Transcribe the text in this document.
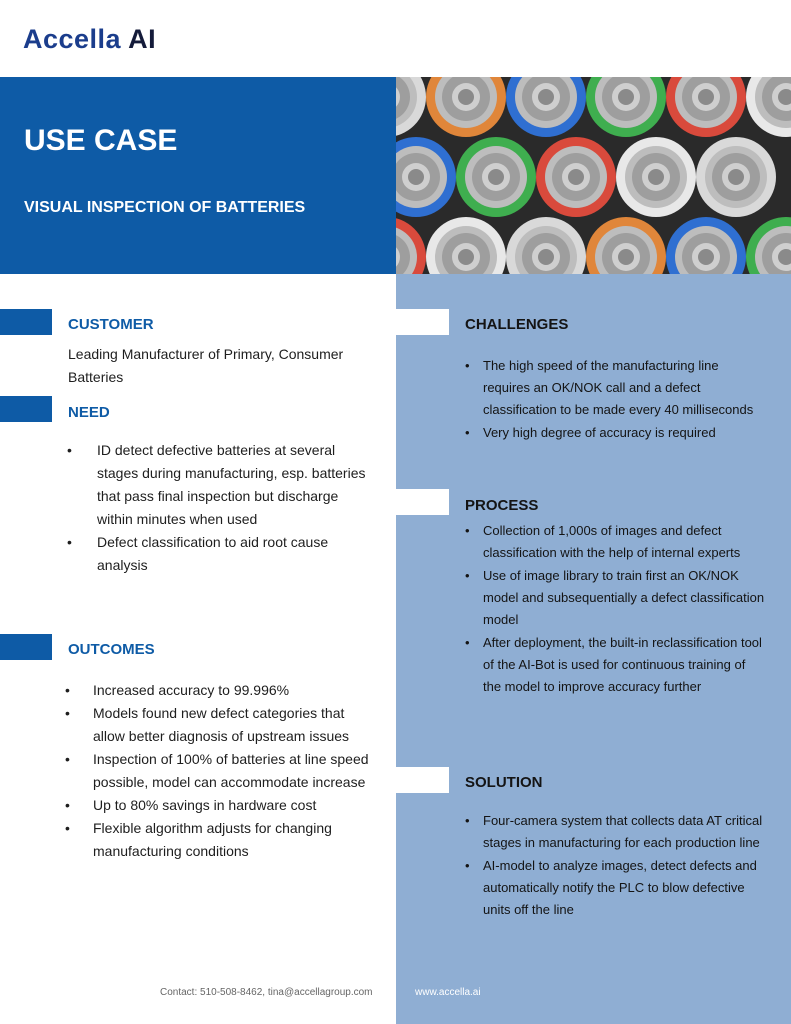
Accella AI
USE CASE
VISUAL INSPECTION OF BATTERIES
CUSTOMER
Leading Manufacturer of Primary, Consumer Batteries
NEED
• ID detect defective batteries at several stages during manufacturing, esp. batteries that pass final inspection but discharge within minutes when used
• Defect classification to aid root cause analysis
OUTCOMES
• Increased accuracy to 99.996%
• Models found new defect categories that allow better diagnosis of upstream issues
• Inspection of 100% of batteries at line speed possible, model can accommodate increase
• Up to 80% savings in hardware cost
• Flexible algorithm adjusts for changing manufacturing conditions
CHALLENGES
• The high speed of the manufacturing line requires an OK/NOK call and a defect classification to be made every 40 milliseconds
• Very high degree of accuracy is required
PROCESS
• Collection of 1,000s of images and defect classification with the help of internal experts
• Use of image library to train first an OK/NOK model and subsequentially a defect classification model
• After deployment, the built-in reclassification tool of the AI-Bot is used for continuous training of the model to improve accuracy further
SOLUTION
• Four-camera system that collects data AT critical stages in manufacturing for each production line
• AI-model to analyze images, detect defects and automatically notify the PLC to blow defective units off the line
Contact: 510-508-8462, tina@accellagroup.com	www.accella.ai
